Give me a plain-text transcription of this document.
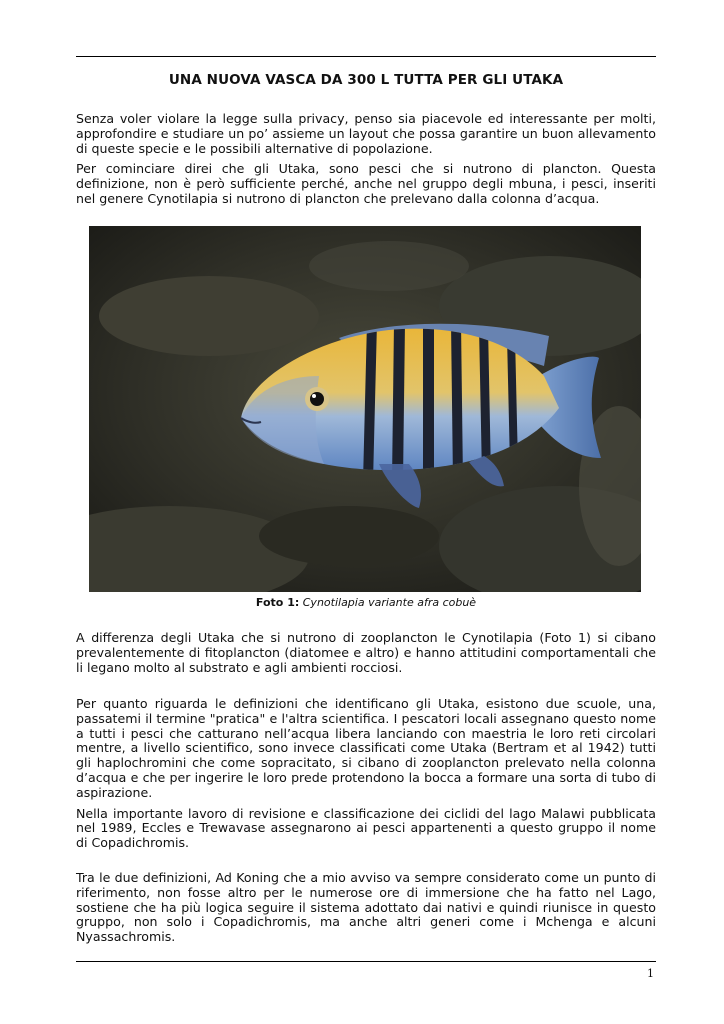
UNA NUOVA VASCA DA 300 L TUTTA PER GLI UTAKA

Senza voler violare la legge sulla privacy, penso sia piacevole ed interessante per molti, approfondire e studiare un po’ assieme un layout che possa garantire un buon allevamento di queste specie e le possibili alternative di popolazione.

Per cominciare direi che gli Utaka, sono pesci che si nutrono di plancton. Questa definizione, non è però sufficiente perché, anche nel gruppo degli mbuna, i pesci, inseriti nel genere Cynotilapia si nutrono di plancton che prelevano dalla colonna d’acqua.

Foto 1: Cynotilapia variante afra cobuè

A differenza degli Utaka che si nutrono di zooplancton le Cynotilapia (Foto 1) si cibano prevalentemente di fitoplancton (diatomee e altro) e hanno attitudini comportamentali che li legano molto al substrato e agli ambienti rocciosi.

Per quanto riguarda le definizioni che identificano gli Utaka, esistono due scuole, una, passatemi il termine "pratica" e l'altra scientifica. I pescatori locali assegnano questo nome a tutti i pesci che catturano nell’acqua libera lanciando con maestria le loro reti circolari mentre, a livello scientifico, sono invece classificati come Utaka (Bertram et al 1942) tutti gli haplochromini che come sopracitato, si cibano di zooplancton prelevato nella colonna d’acqua e che per ingerire le loro prede protendono la bocca a formare una sorta di tubo di aspirazione.

Nella importante lavoro di revisione e classificazione dei ciclidi del lago Malawi pubblicata nel 1989, Eccles e Trewavase assegnarono ai pesci appartenenti a questo gruppo il nome di Copadichromis.

Tra le due definizioni, Ad Koning che a mio avviso va sempre considerato come un punto di riferimento, non fosse altro per le numerose ore di immersione che ha fatto nel Lago, sostiene che ha più logica seguire il sistema adottato dai nativi e quindi riunisce in questo gruppo, non solo i Copadichromis, ma anche altri generi come i Mchenga e alcuni Nyassachromis.

1
